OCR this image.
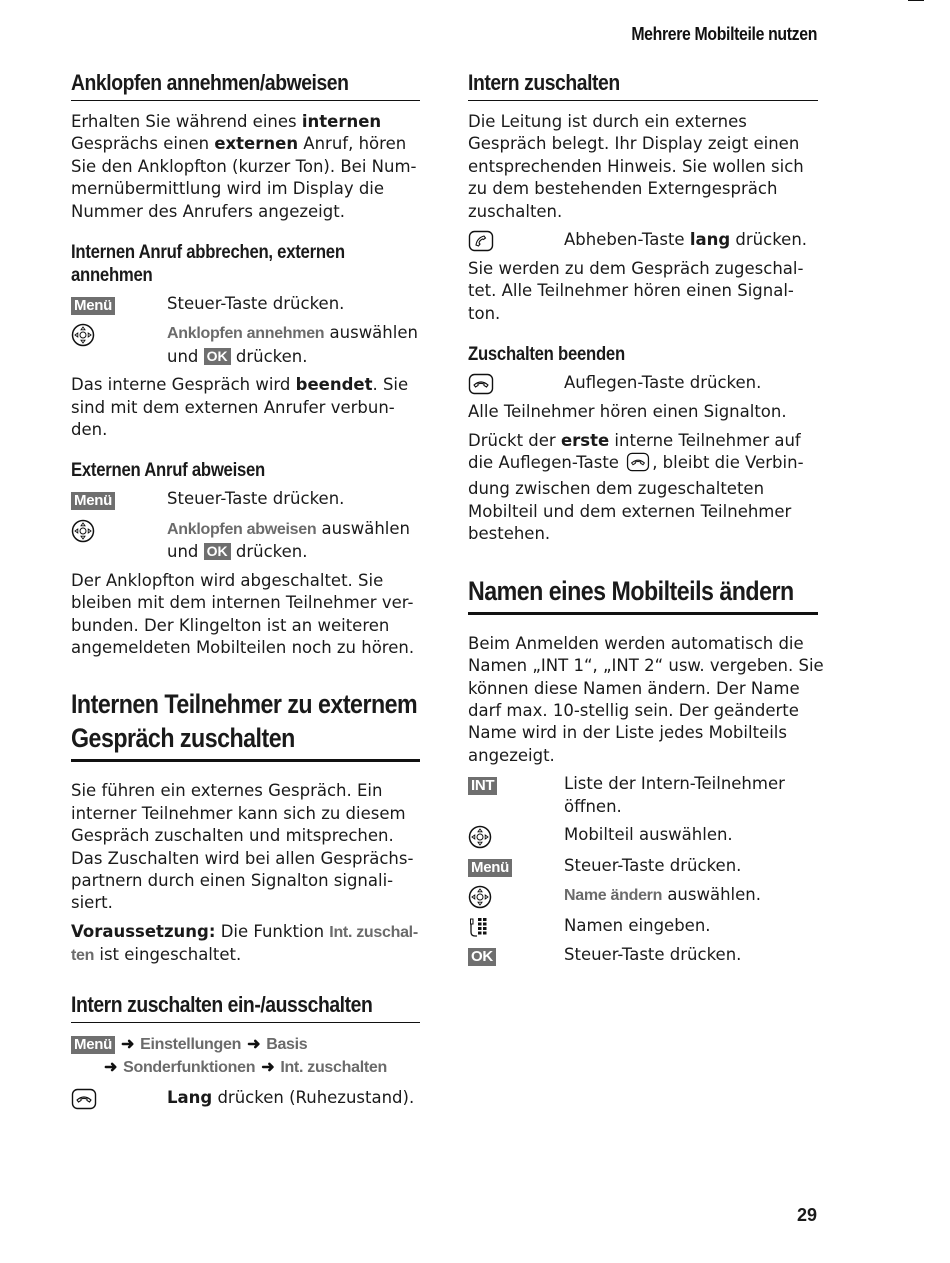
Mehrere Mobilteile nutzen
Anklopfen annehmen/abweisen
Erhalten Sie während eines internen
Gesprächs einen externen Anruf, hören
Sie den Anklopfton (kurzer Ton). Bei Num-
mernübermittlung wird im Display die
Nummer des Anrufers angezeigt.
Internen Anruf abbrechen, externen
annehmen
Menü	Steuer-Taste drücken.
Anklopfen annehmen auswählen
und OK drücken.
Das interne Gespräch wird beendet. Sie
sind mit dem externen Anrufer verbun-
den.
Externen Anruf abweisen
Menü	Steuer-Taste drücken.
Anklopfen abweisen auswählen
und OK drücken.
Der Anklopfton wird abgeschaltet. Sie
bleiben mit dem internen Teilnehmer ver-
bunden. Der Klingelton ist an weiteren
angemeldeten Mobilteilen noch zu hören.
Internen Teilnehmer zu externem
Gespräch zuschalten
Sie führen ein externes Gespräch. Ein
interner Teilnehmer kann sich zu diesem
Gespräch zuschalten und mitsprechen.
Das Zuschalten wird bei allen Gesprächs-
partnern durch einen Signalton signali-
siert.
Voraussetzung: Die Funktion Int. zuschal-
ten ist eingeschaltet.
Intern zuschalten ein-/ausschalten
Menü ➜ Einstellungen ➜ Basis
➜ Sonderfunktionen ➜ Int. zuschalten
Lang drücken (Ruhezustand).
Intern zuschalten
Die Leitung ist durch ein externes
Gespräch belegt. Ihr Display zeigt einen
entsprechenden Hinweis. Sie wollen sich
zu dem bestehenden Externgespräch
zuschalten.
Abheben-Taste lang drücken.
Sie werden zu dem Gespräch zugeschal-
tet. Alle Teilnehmer hören einen Signal-
ton.
Zuschalten beenden
Auflegen-Taste drücken.
Alle Teilnehmer hören einen Signalton.
Drückt der erste interne Teilnehmer auf
die Auflegen-Taste , bleibt die Verbin-
dung zwischen dem zugeschalteten
Mobilteil und dem externen Teilnehmer
bestehen.
Namen eines Mobilteils ändern
Beim Anmelden werden automatisch die
Namen „INT 1“, „INT 2“ usw. vergeben. Sie
können diese Namen ändern. Der Name
darf max. 10-stellig sein. Der geänderte
Name wird in der Liste jedes Mobilteils
angezeigt.
INT	Liste der Intern-Teilnehmer
öffnen.
Mobilteil auswählen.
Menü	Steuer-Taste drücken.
Name ändern auswählen.
Namen eingeben.
OK	Steuer-Taste drücken.
29
